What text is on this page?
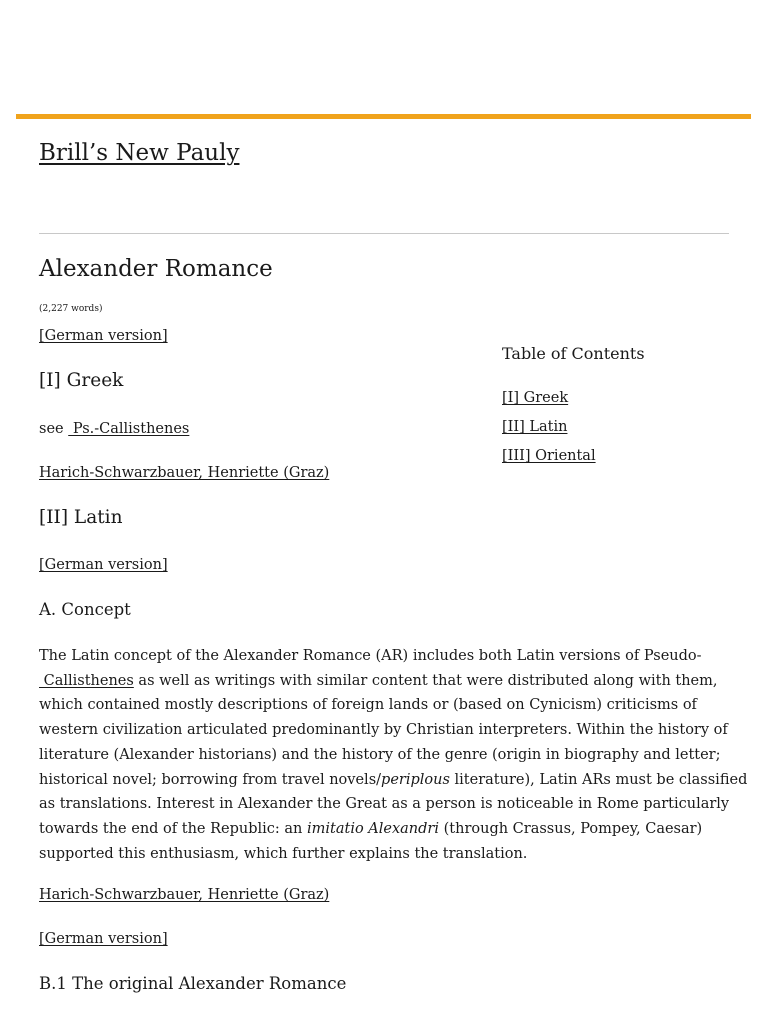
Brill’s New Pauly
Alexander Romance
(2,227 words)
[German version]
[I] Greek
see  Ps.-Callisthenes
Harich-Schwarzbauer, Henriette (Graz)
[II] Latin
[German version]
A. Concept
The Latin concept of the Alexander Romance (AR) includes both Latin versions of Pseudo-
Callisthenes as well as writings with similar content that were distributed along with them,
which contained mostly descriptions of foreign lands or (based on Cynicism) criticisms of
western civilization articulated predominantly by Christian interpreters. Within the history of
literature (Alexander historians) and the history of the genre (origin in biography and letter;
historical novel; borrowing from travel novels/periplous literature), Latin ARs must be classified
as translations. Interest in Alexander the Great as a person is noticeable in Rome particularly
towards the end of the Republic: an imitatio Alexandri (through Crassus, Pompey, Caesar)
supported this enthusiasm, which further explains the translation.
Harich-Schwarzbauer, Henriette (Graz)
[German version]
B.1 The original Alexander Romance
Table of Contents
[I] Greek
[II] Latin
[III] Oriental
